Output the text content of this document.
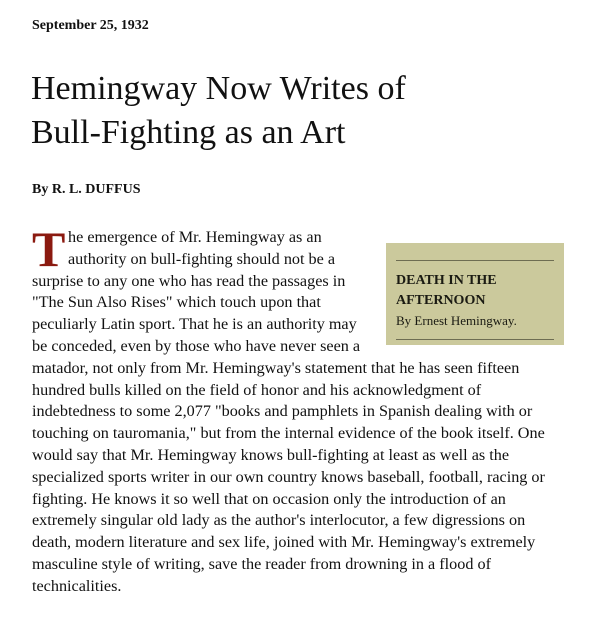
September 25, 1932

Hemingway Now Writes of
Bull-Fighting as an Art

By R. L. DUFFUS

DEATH IN THE
AFTERNOON
By Ernest Hemingway.
T he emergence of Mr. Hemingway as an authority on bull-fighting should not be a surprise to any one who has read the passages in "The Sun Also Rises" which touch upon that peculiarly Latin sport. That he is an authority may be conceded, even by those who have never seen a matador, not only from Mr. Hemingway's statement that he has seen fifteen hundred bulls killed on the field of honor and his acknowledgment of indebtedness to some 2,077 "books and pamphlets in Spanish dealing with or touching on tauromania," but from the internal evidence of the book itself. One would say that Mr. Hemingway knows bull-fighting at least as well as the specialized sports writer in our own country knows baseball, football, racing or fighting. He knows it so well that on occasion only the introduction of an extremely singular old lady as the author's interlocutor, a few digressions on death, modern literature and sex life, joined with Mr. Hemingway's extremely masculine style of writing, save the reader from drowning in a flood of technicalities.
